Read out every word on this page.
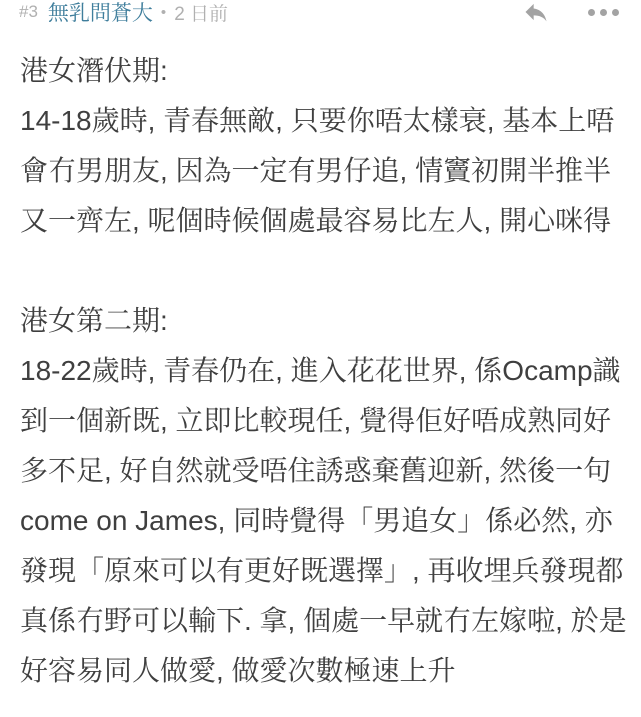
#3 無乳問蒼大 • 2 日前
港女潛伏期:
14-18歲時, 青春無敵, 只要你唔太樣衰, 基本上唔
會冇男朋友, 因為一定有男仔追, 情竇初開半推半
又一齊左, 呢個時候個處最容易比左人, 開心咪得
港女第二期:
18-22歲時, 青春仍在, 進入花花世界, 係Ocamp識
到一個新既, 立即比較現任, 覺得佢好唔成熟同好
多不足, 好自然就受唔住誘惑棄舊迎新, 然後一句
come on James, 同時覺得「男追女」係必然, 亦
發現「原來可以有更好既選擇」, 再收埋兵發現都
真係冇野可以輸下. 拿, 個處一早就冇左嫁啦, 於是
好容易同人做愛, 做愛次數極速上升
